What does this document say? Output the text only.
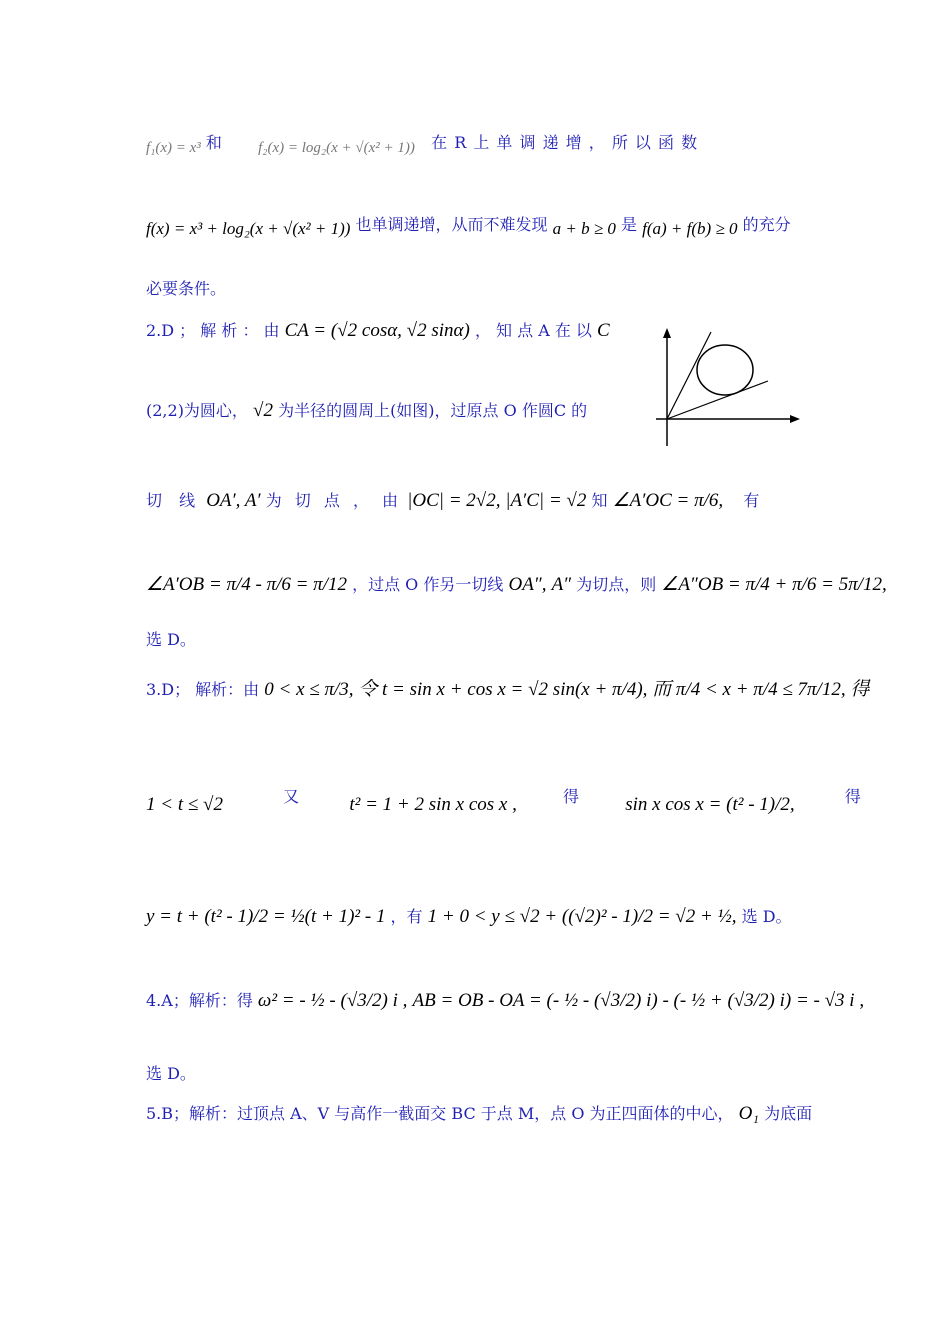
f₁(x) = x³ 和 f₂(x) = log₂(x + √(x² + 1)) 在 R 上 单 调 递 增 ， 所 以 函 数
f(x) = x³ + log₂(x + √(x² + 1)) 也单调递增，从而不难发现 a + b ≥ 0 是 f(a) + f(b) ≥ 0 的充分
必要条件。
2.D ； 解 析 ： 由 CA = (√2 cosα, √2 sinα) ， 知 点 A 在 以 C
(2,2)为圆心， √2 为半径的圆周上(如图)，过原点 O 作圆C 的
切 线 OA′, A′ 为 切 点 ， 由 |OC| = 2√2, |A′C| = √2 知 ∠A′OC = π/6, 有
∠A′OB = π/4 - π/6 = π/12 ，过点 O 作另一切线 OA″, A″ 为切点，则 ∠A″OB = π/4 + π/6 = 5π/12,
选 D。
3.D； 解析：由 0 < x ≤ π/3, 令 t = sin x + cos x = √2 sin(x + π/4), 而 π/4 < x + π/4 ≤ 7π/12, 得
1 < t ≤ √2	又	t² = 1 + 2 sin x cos x ,	得 sin x cos x = (t² - 1)/2,	得
y = t + (t² - 1)/2 = ½(t + 1)² - 1 ，有 1 + 0 < y ≤ √2 + ((√2)² - 1)/2 = √2 + ½, 选 D。
4.A；解析：得 ω² = - ½ - (√3/2) i , AB = OB - OA = (- ½ - (√3/2) i) - (- ½ + (√3/2) i) = - √3 i ,
选 D。
5.B；解析：过顶点 A、V 与高作一截面交 BC 于点 M，点 O 为正四面体的中心， O₁ 为底面
